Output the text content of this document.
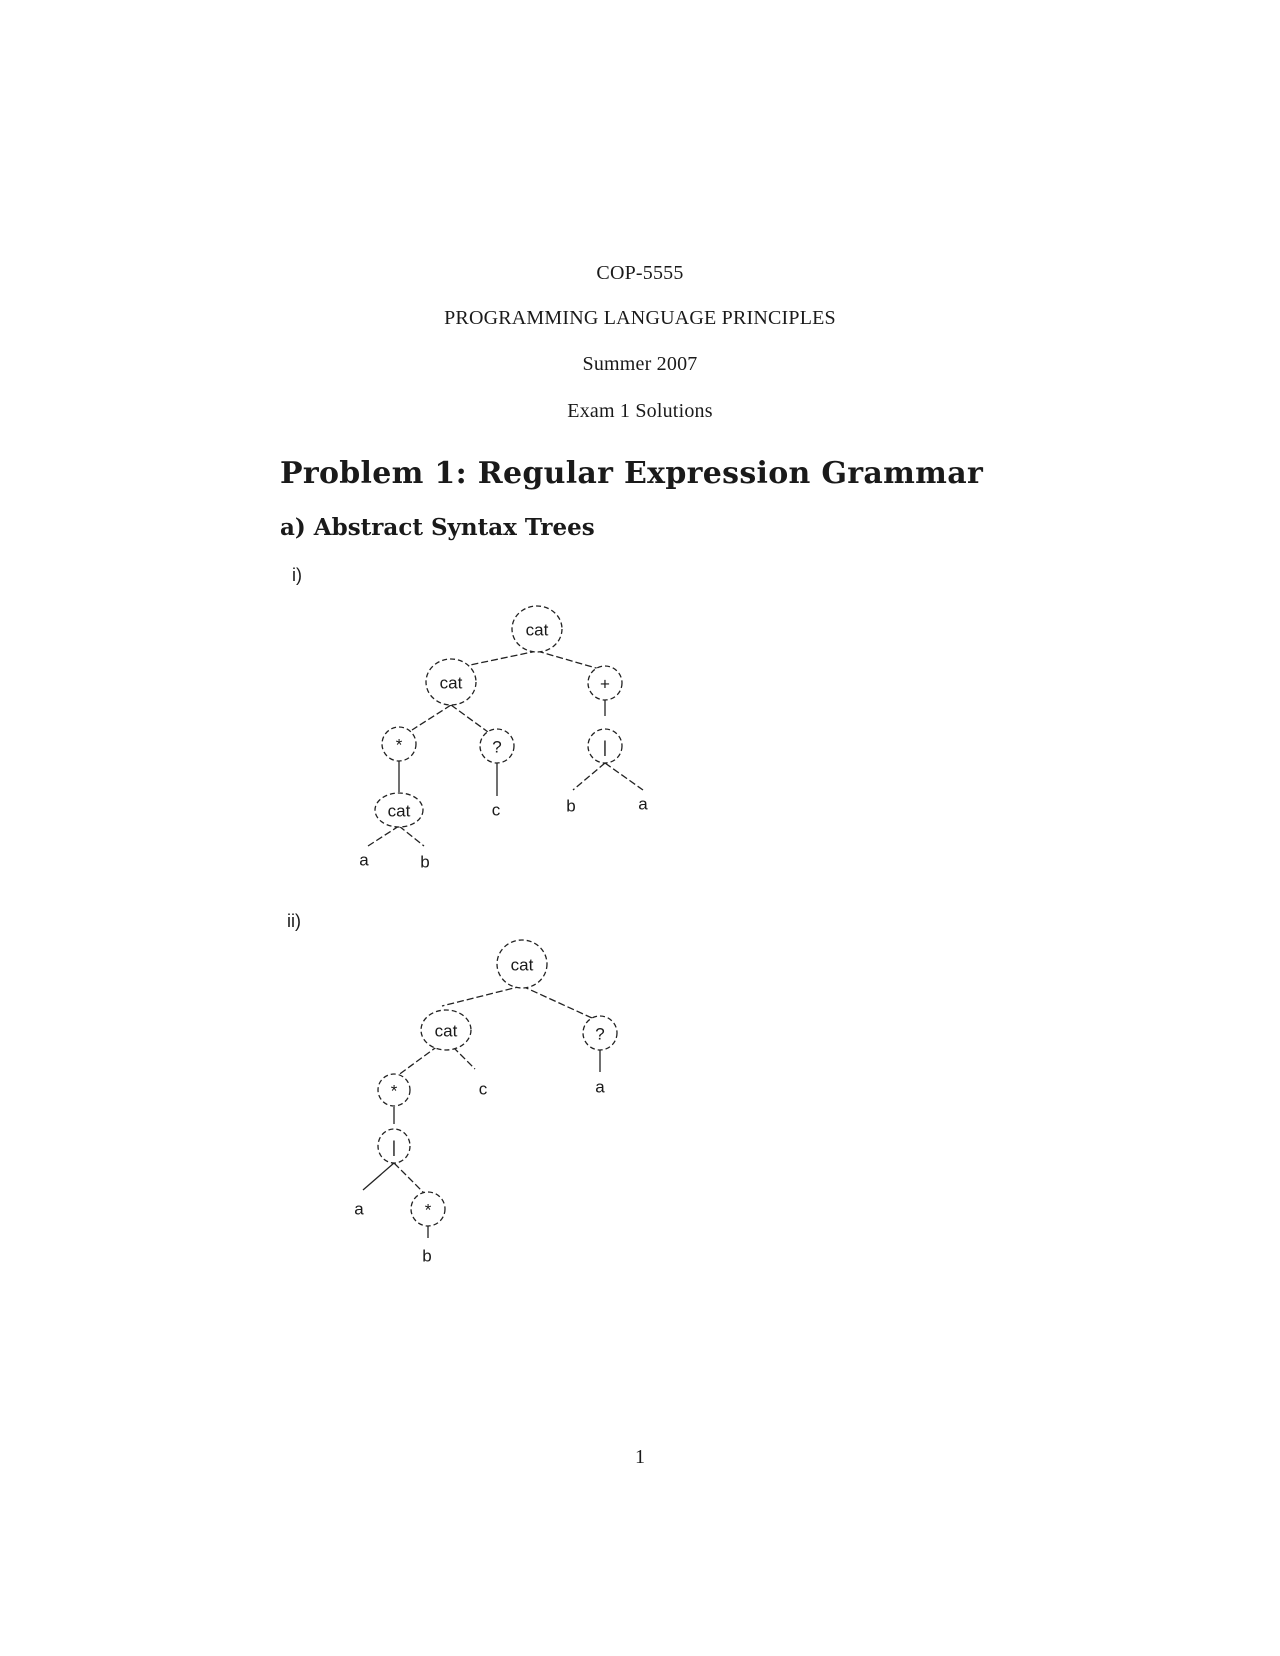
COP-5555
PROGRAMMING LANGUAGE PRINCIPLES
Summer 2007
Exam 1 Solutions
Problem 1: Regular Expression Grammar
a) Abstract Syntax Trees
i)
cat
cat	+
*	?	|
cat	c	b	a
a	b
ii)
cat
cat	?
*	c	a
|
a	*
b
1
